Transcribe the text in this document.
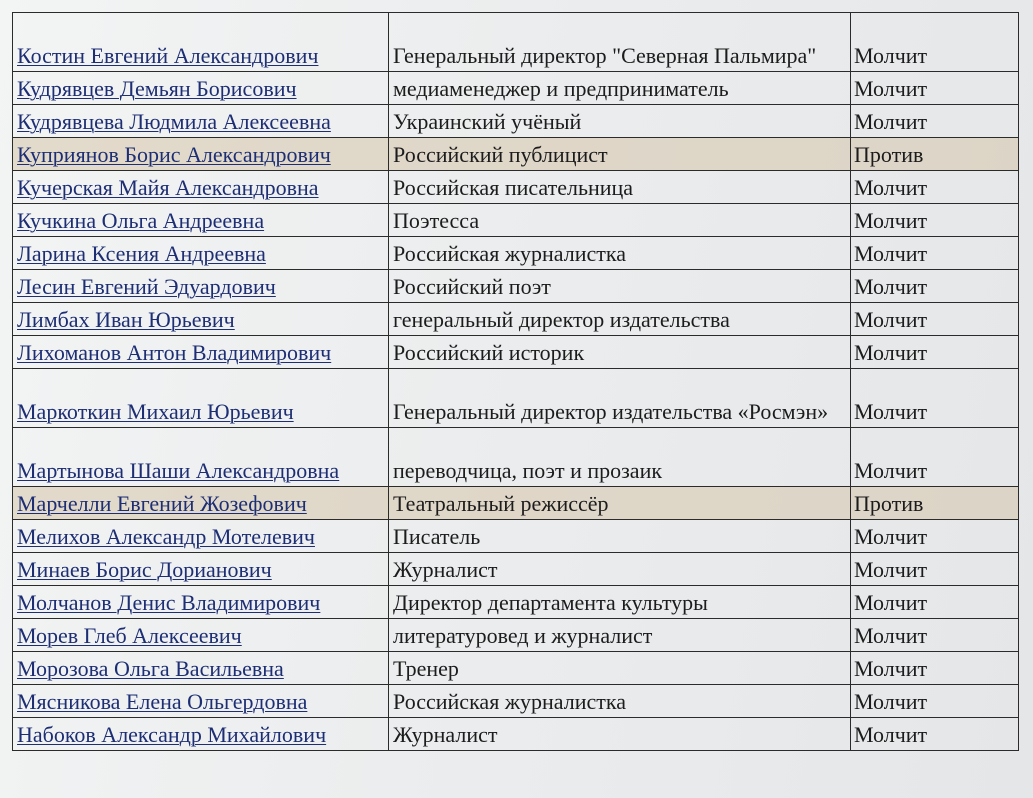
Костин Евгений Александрович	Генеральный директор "Северная Пальмира"	Молчит
Кудрявцев Демьян Борисович	медиаменеджер и предприниматель	Молчит
Кудрявцева Людмила Алексеевна	Украинский учёный	Молчит
Куприянов Борис Александрович	Российский публицист	Против
Кучерская Майя Александровна	Российская писательница	Молчит
Кучкина Ольга Андреевна	Поэтесса	Молчит
Ларина Ксения Андреевна	Российская журналистка	Молчит
Лесин Евгений Эдуардович	Российский поэт	Молчит
Лимбах Иван Юрьевич	генеральный директор издательства	Молчит
Лихоманов Антон Владимирович	Российский историк	Молчит
Маркоткин Михаил Юрьевич	Генеральный директор издательства «Росмэн»	Молчит
Мартынова Шаши Александровна	переводчица, поэт и прозаик	Молчит
Марчелли Евгений Жозефович	Театральный режиссёр	Против
Мелихов Александр Мотелевич	Писатель	Молчит
Минаев Борис Дорианович	Журналист	Молчит
Молчанов Денис Владимирович	Директор департамента культуры	Молчит
Морев Глеб Алексеевич	литературовед и журналист	Молчит
Морозова Ольга Васильевна	Тренер	Молчит
Мясникова Елена Ольгердовна	Российская журналистка	Молчит
Набоков Александр Михайлович	Журналист	Молчит
